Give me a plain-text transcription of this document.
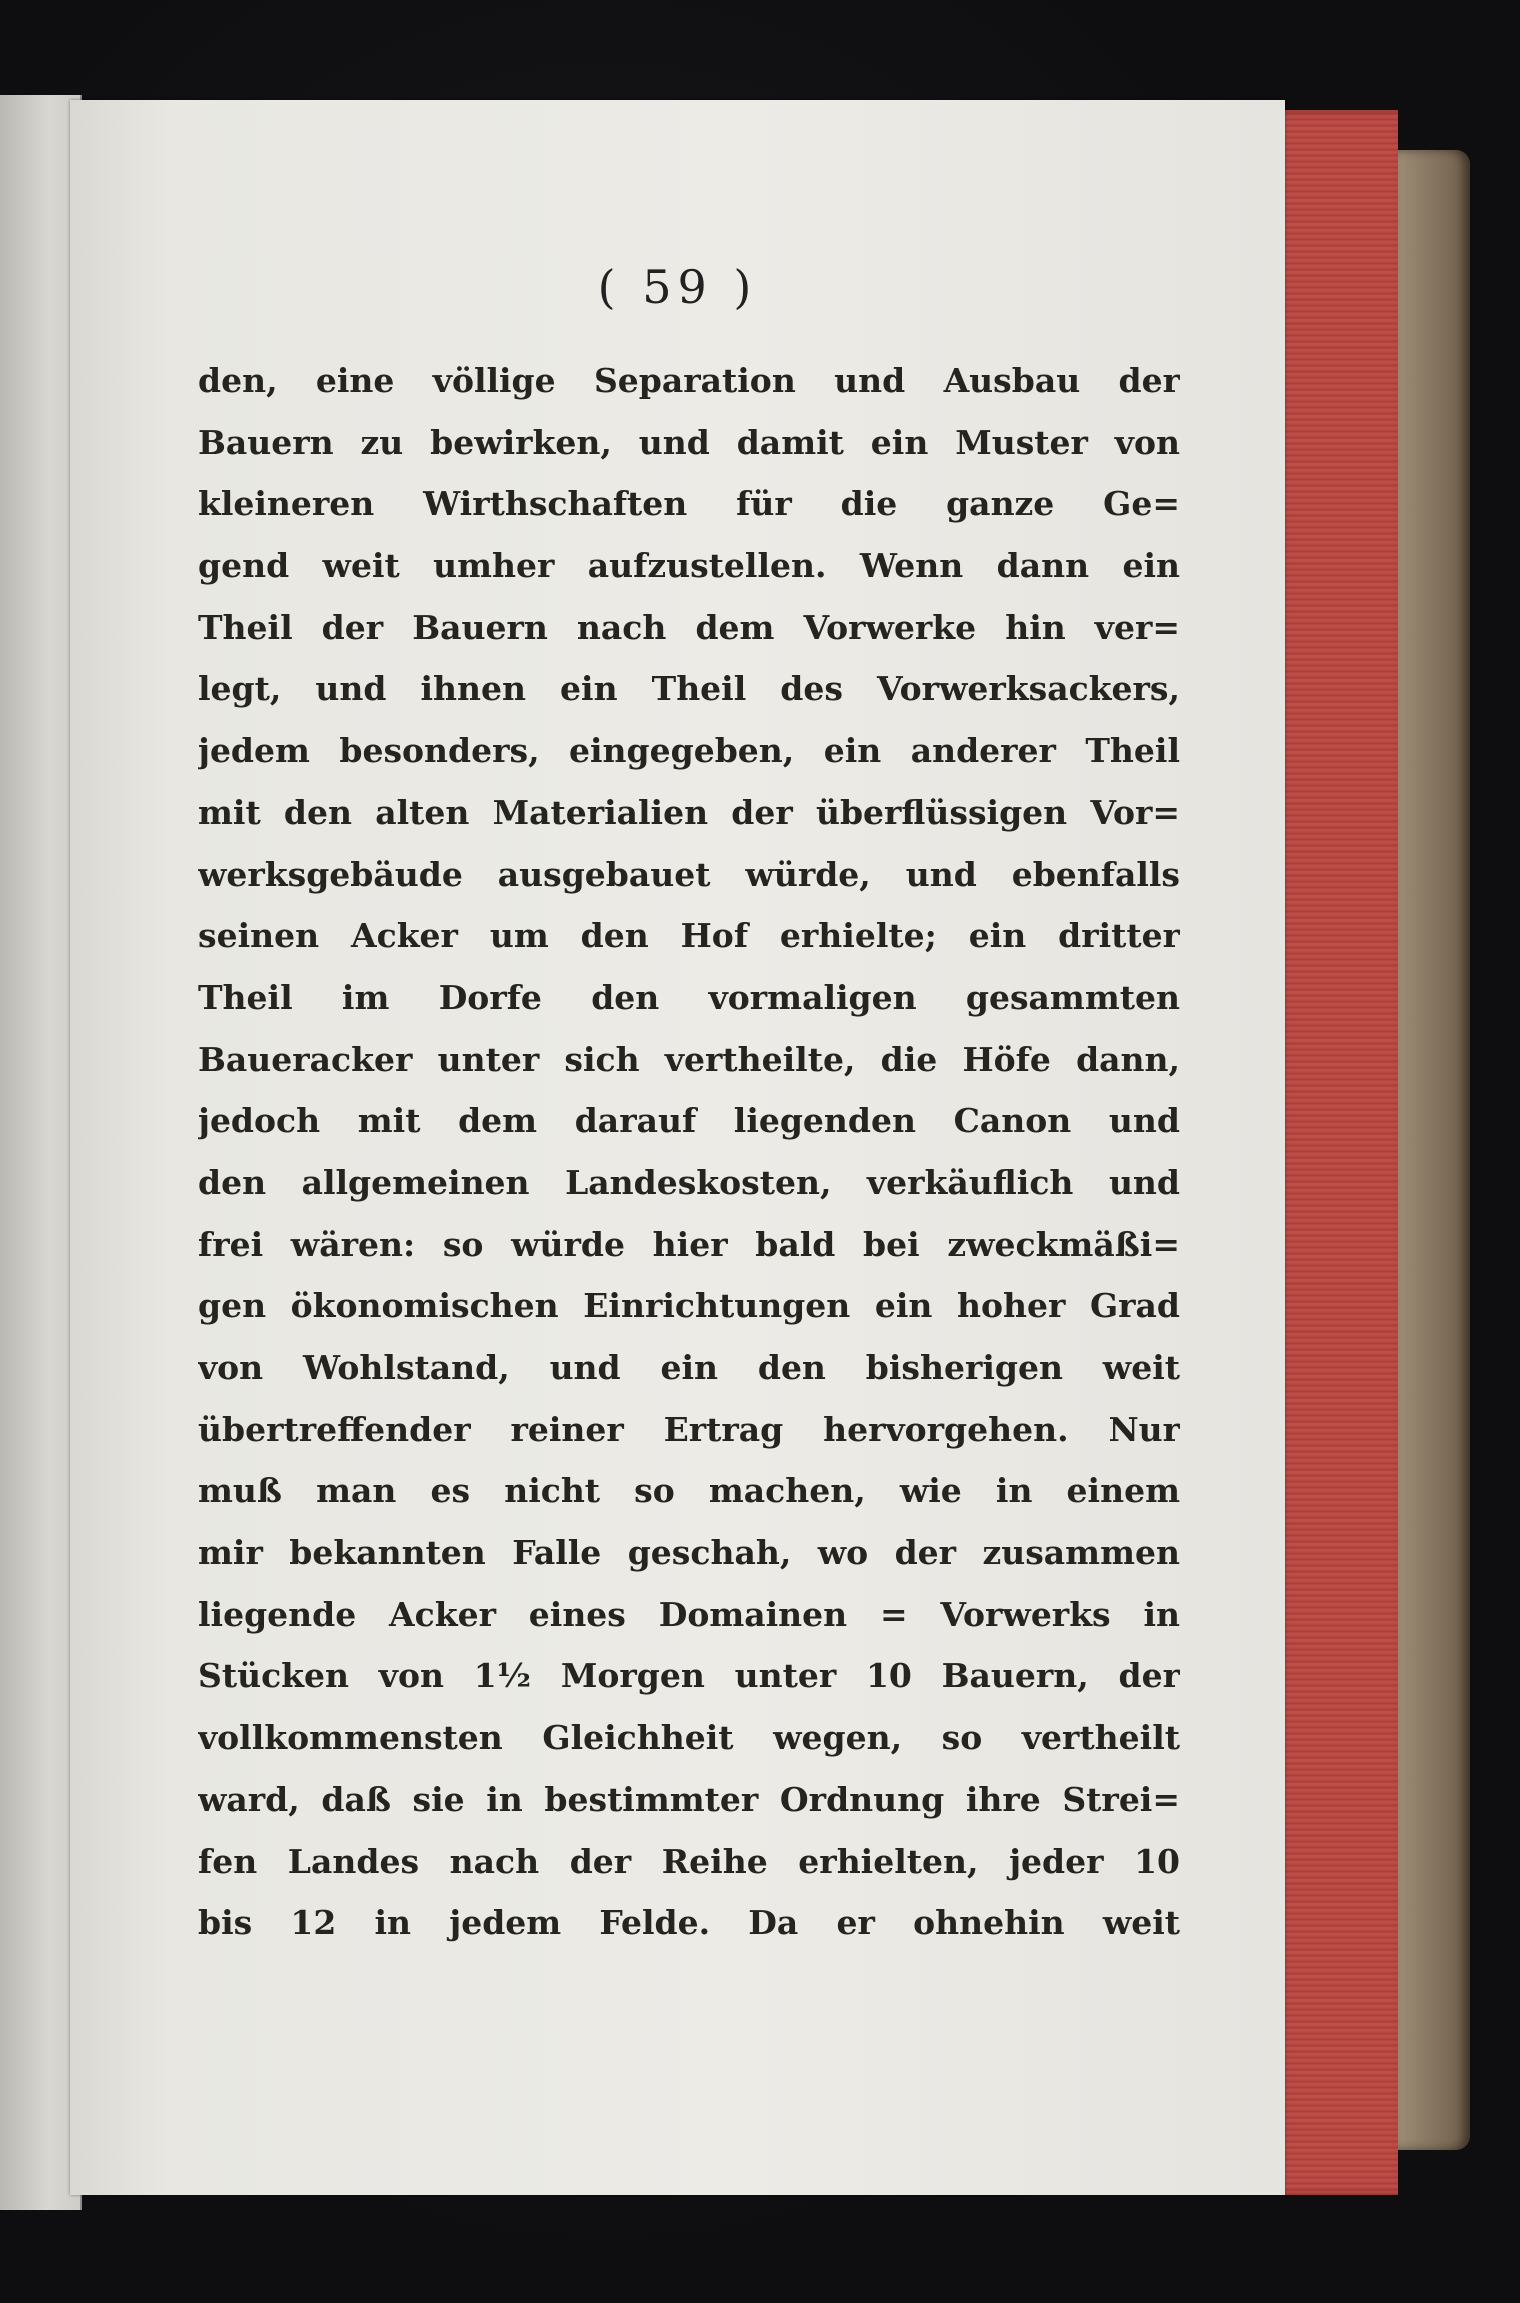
( 59 )
den, eine völlige Separation und Ausbau der
Bauern zu bewirken, und damit ein Muster von
kleineren Wirthschaften für die ganze Ge=
gend weit umher aufzustellen. Wenn dann ein
Theil der Bauern nach dem Vorwerke hin ver=
legt, und ihnen ein Theil des Vorwerksackers,
jedem besonders, eingegeben, ein anderer Theil
mit den alten Materialien der überflüssigen Vor=
werksgebäude ausgebauet würde, und ebenfalls
seinen Acker um den Hof erhielte; ein dritter
Theil im Dorfe den vormaligen gesammten
Baueracker unter sich vertheilte, die Höfe dann,
jedoch mit dem darauf liegenden Canon und
den allgemeinen Landeskosten, verkäuflich und
frei wären: so würde hier bald bei zweckmäßi=
gen ökonomischen Einrichtungen ein hoher Grad
von Wohlstand, und ein den bisherigen weit
übertreffender reiner Ertrag hervorgehen. Nur
muß man es nicht so machen, wie in einem
mir bekannten Falle geschah, wo der zusammen
liegende Acker eines Domainen = Vorwerks in
Stücken von 1½ Morgen unter 10 Bauern, der
vollkommensten Gleichheit wegen, so vertheilt
ward, daß sie in bestimmter Ordnung ihre Strei=
fen Landes nach der Reihe erhielten, jeder 10
bis 12 in jedem Felde. Da er ohnehin weit
